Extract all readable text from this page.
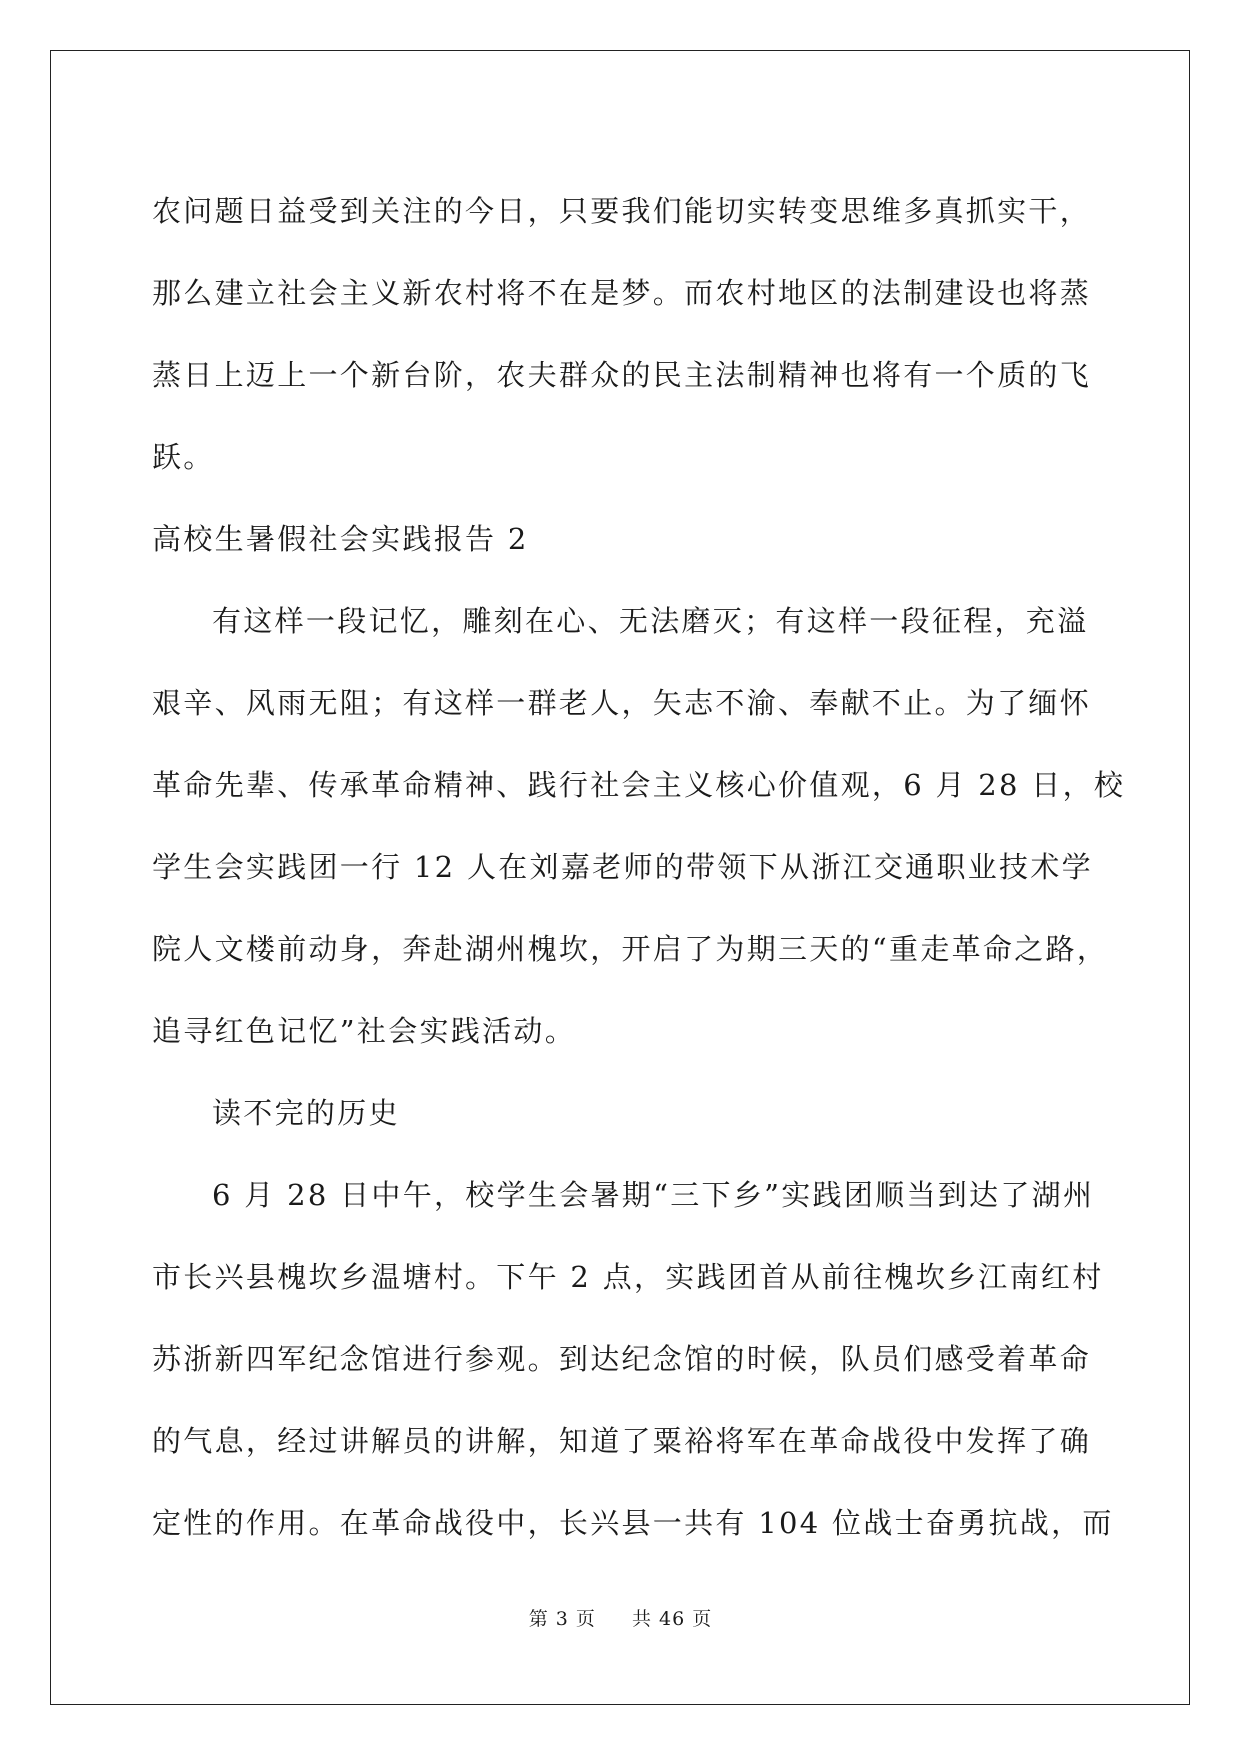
农问题日益受到关注的今日，只要我们能切实转变思维多真抓实干，
那么建立社会主义新农村将不在是梦。而农村地区的法制建设也将蒸
蒸日上迈上一个新台阶，农夫群众的民主法制精神也将有一个质的飞
跃。
高校生暑假社会实践报告 2
有这样一段记忆，雕刻在心、无法磨灭；有这样一段征程，充溢
艰辛、风雨无阻；有这样一群老人，矢志不渝、奉献不止。为了缅怀
革命先辈、传承革命精神、践行社会主义核心价值观，6 月 28 日，校
学生会实践团一行 12 人在刘嘉老师的带领下从浙江交通职业技术学
院人文楼前动身，奔赴湖州槐坎，开启了为期三天的“重走革命之路，
追寻红色记忆”社会实践活动。
读不完的历史
6 月 28 日中午，校学生会暑期“三下乡”实践团顺当到达了湖州
市长兴县槐坎乡温塘村。下午 2 点，实践团首从前往槐坎乡江南红村
苏浙新四军纪念馆进行参观。到达纪念馆的时候，队员们感受着革命
的气息，经过讲解员的讲解，知道了粟裕将军在革命战役中发挥了确
定性的作用。在革命战役中，长兴县一共有 104 位战士奋勇抗战，而
第 3 页 共 46 页
